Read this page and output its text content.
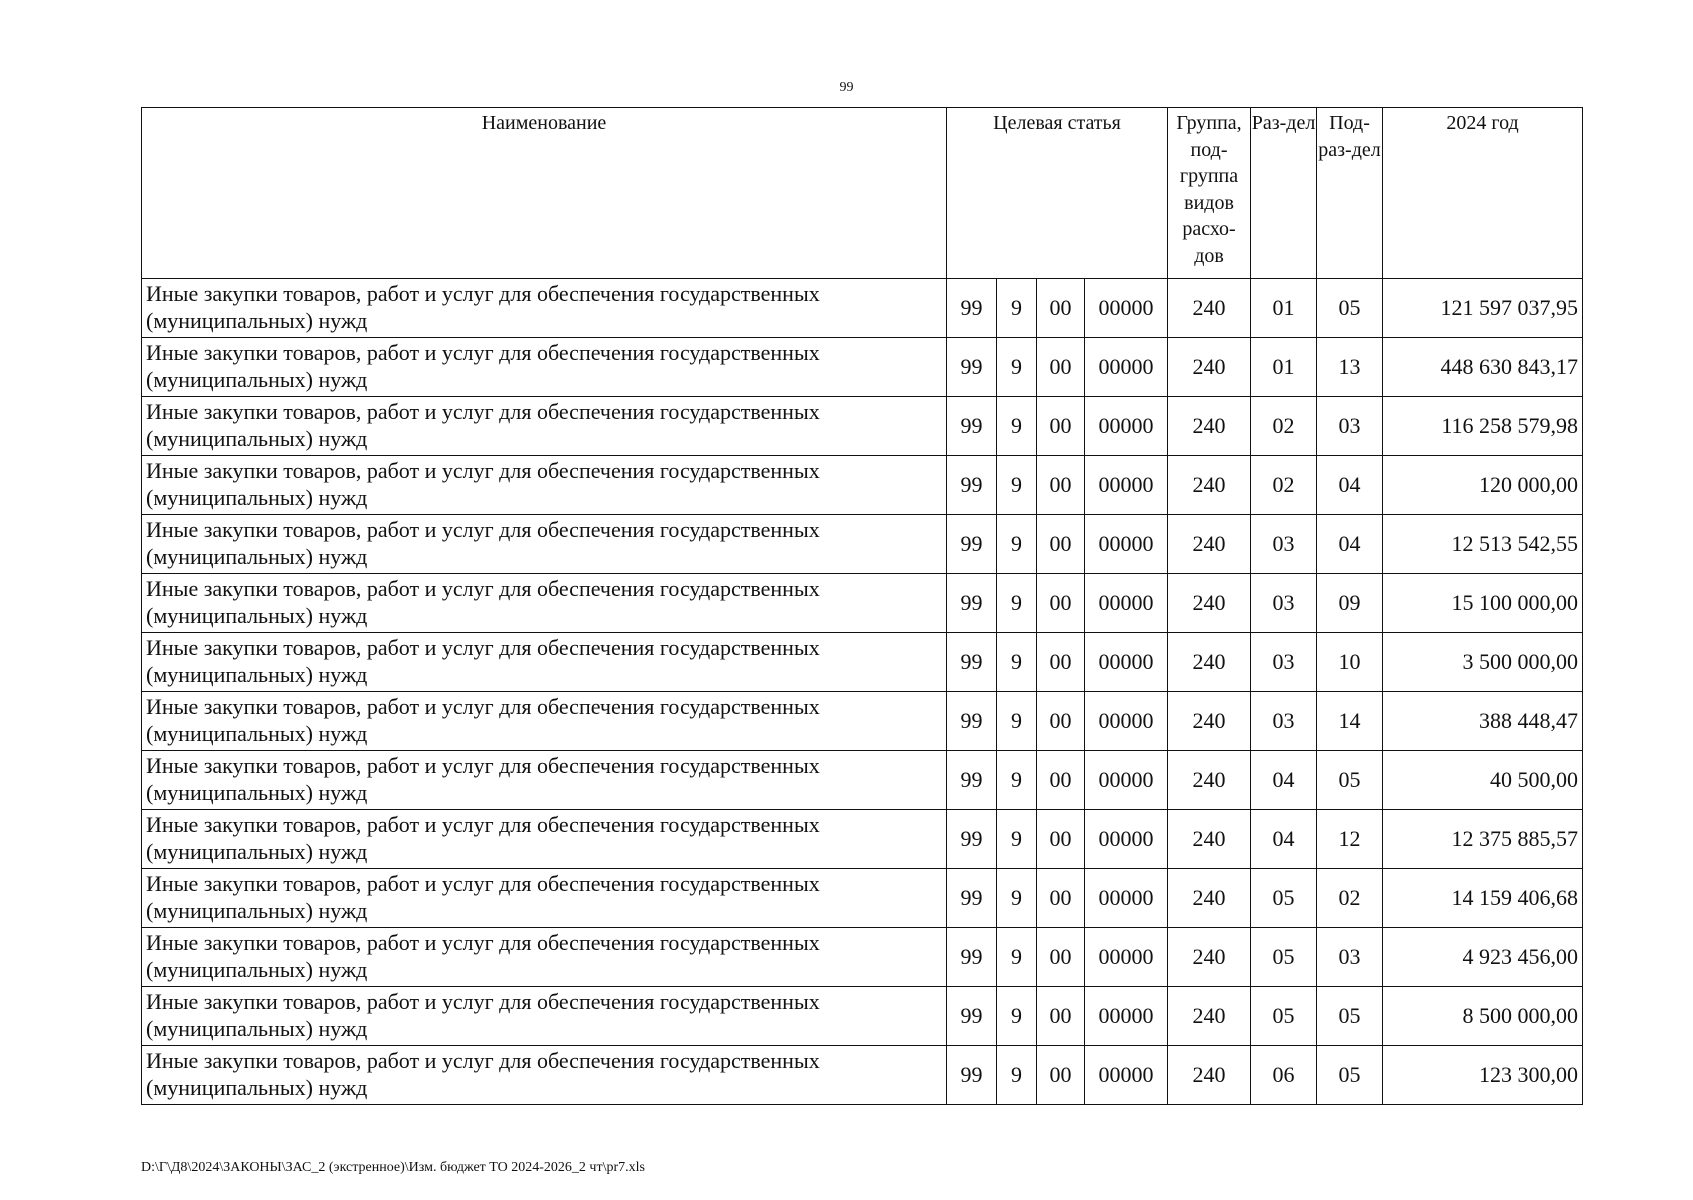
99
Наименование	Целевая статья				Группа, под-группа видов расхо-дов	Раз-дел	Под-раз-дел	2024 год
Иные закупки товаров, работ и услуг для обеспечения государственных (муниципальных) нужд	99	9	00	00000	240	01	05	121 597 037,95
Иные закупки товаров, работ и услуг для обеспечения государственных (муниципальных) нужд	99	9	00	00000	240	01	13	448 630 843,17
Иные закупки товаров, работ и услуг для обеспечения государственных (муниципальных) нужд	99	9	00	00000	240	02	03	116 258 579,98
Иные закупки товаров, работ и услуг для обеспечения государственных (муниципальных) нужд	99	9	00	00000	240	02	04	120 000,00
Иные закупки товаров, работ и услуг для обеспечения государственных (муниципальных) нужд	99	9	00	00000	240	03	04	12 513 542,55
Иные закупки товаров, работ и услуг для обеспечения государственных (муниципальных) нужд	99	9	00	00000	240	03	09	15 100 000,00
Иные закупки товаров, работ и услуг для обеспечения государственных (муниципальных) нужд	99	9	00	00000	240	03	10	3 500 000,00
Иные закупки товаров, работ и услуг для обеспечения государственных (муниципальных) нужд	99	9	00	00000	240	03	14	388 448,47
Иные закупки товаров, работ и услуг для обеспечения государственных (муниципальных) нужд	99	9	00	00000	240	04	05	40 500,00
Иные закупки товаров, работ и услуг для обеспечения государственных (муниципальных) нужд	99	9	00	00000	240	04	12	12 375 885,57
Иные закупки товаров, работ и услуг для обеспечения государственных (муниципальных) нужд	99	9	00	00000	240	05	02	14 159 406,68
Иные закупки товаров, работ и услуг для обеспечения государственных (муниципальных) нужд	99	9	00	00000	240	05	03	4 923 456,00
Иные закупки товаров, работ и услуг для обеспечения государственных (муниципальных) нужд	99	9	00	00000	240	05	05	8 500 000,00
Иные закупки товаров, работ и услуг для обеспечения государственных (муниципальных) нужд	99	9	00	00000	240	06	05	123 300,00
D:\Г\Д8\2024\ЗАКОНЫ\ЗАС_2 (экстренное)\Изм. бюджет ТО 2024-2026_2 чт\pr7.xls
